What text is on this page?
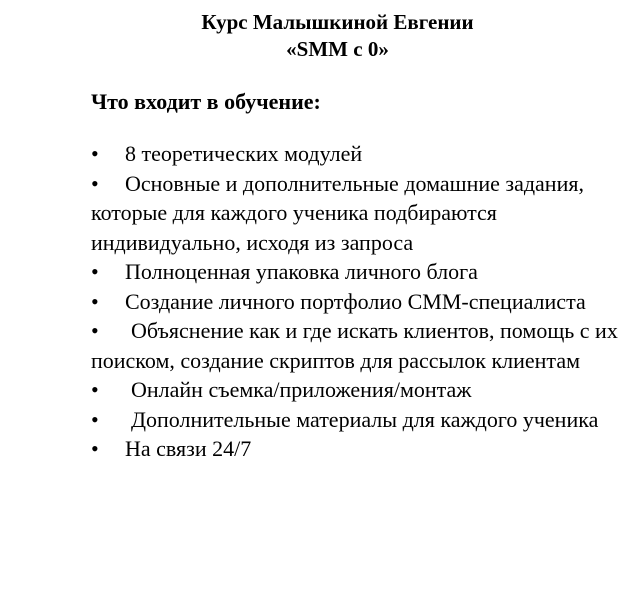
Курс Малышкиной Евгении
«SMM с 0»
Что входит в обучение:
• 8 теоретических модулей
• Основные и дополнительные домашние задания, которые для каждого ученика подбираются индивидуально, исходя из запроса
• Полноценная упаковка личного блога
• Создание личного портфолио СММ-специалиста
• Объяснение как и где искать клиентов, помощь с их поиском, создание скриптов для рассылок клиентам
• Онлайн съемка/приложения/монтаж
• Дополнительные материалы для каждого ученика
• На связи 24/7
